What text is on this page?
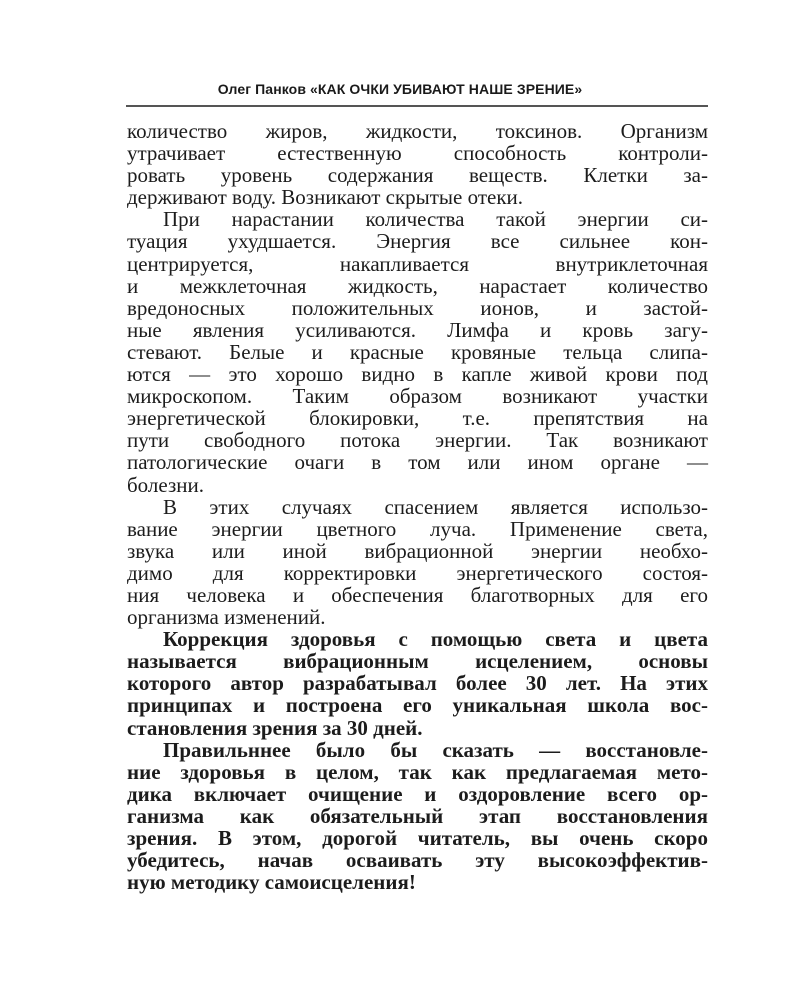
Олег Панков «КАК ОЧКИ УБИВАЮТ НАШЕ ЗРЕНИЕ»
количество жиров, жидкости, токсинов. Организм
утрачивает естественную способность контроли-
ровать уровень содержания веществ. Клетки за-
держивают воду. Возникают скрытые отеки.
При нарастании количества такой энергии си-
туация ухудшается. Энергия все сильнее кон-
центрируется, накапливается внутриклеточная
и межклеточная жидкость, нарастает количество
вредоносных положительных ионов, и застой-
ные явления усиливаются. Лимфа и кровь загу-
стевают. Белые и красные кровяные тельца слипа-
ются — это хорошо видно в капле живой крови под
микроскопом. Таким образом возникают участки
энергетической блокировки, т.е. препятствия на
пути свободного потока энергии. Так возникают
патологические очаги в том или ином органе —
болезни.
В этих случаях спасением является использо-
вание энергии цветного луча. Применение света,
звука или иной вибрационной энергии необхо-
димо для корректировки энергетического состоя-
ния человека и обеспечения благотворных для его
организма изменений.
Коррекция здоровья с помощью света и цвета
называется вибрационным исцелением, основы
которого автор разрабатывал более 30 лет. На этих
принципах и построена его уникальная школа вос-
становления зрения за 30 дней.
Правильннее было бы сказать — восстановле-
ние здоровья в целом, так как предлагаемая мето-
дика включает очищение и оздоровление всего ор-
ганизма как обязательный этап восстановления
зрения. В этом, дорогой читатель, вы очень скоро
убедитесь, начав осваивать эту высокоэффектив-
ную методику самоисцеления!
